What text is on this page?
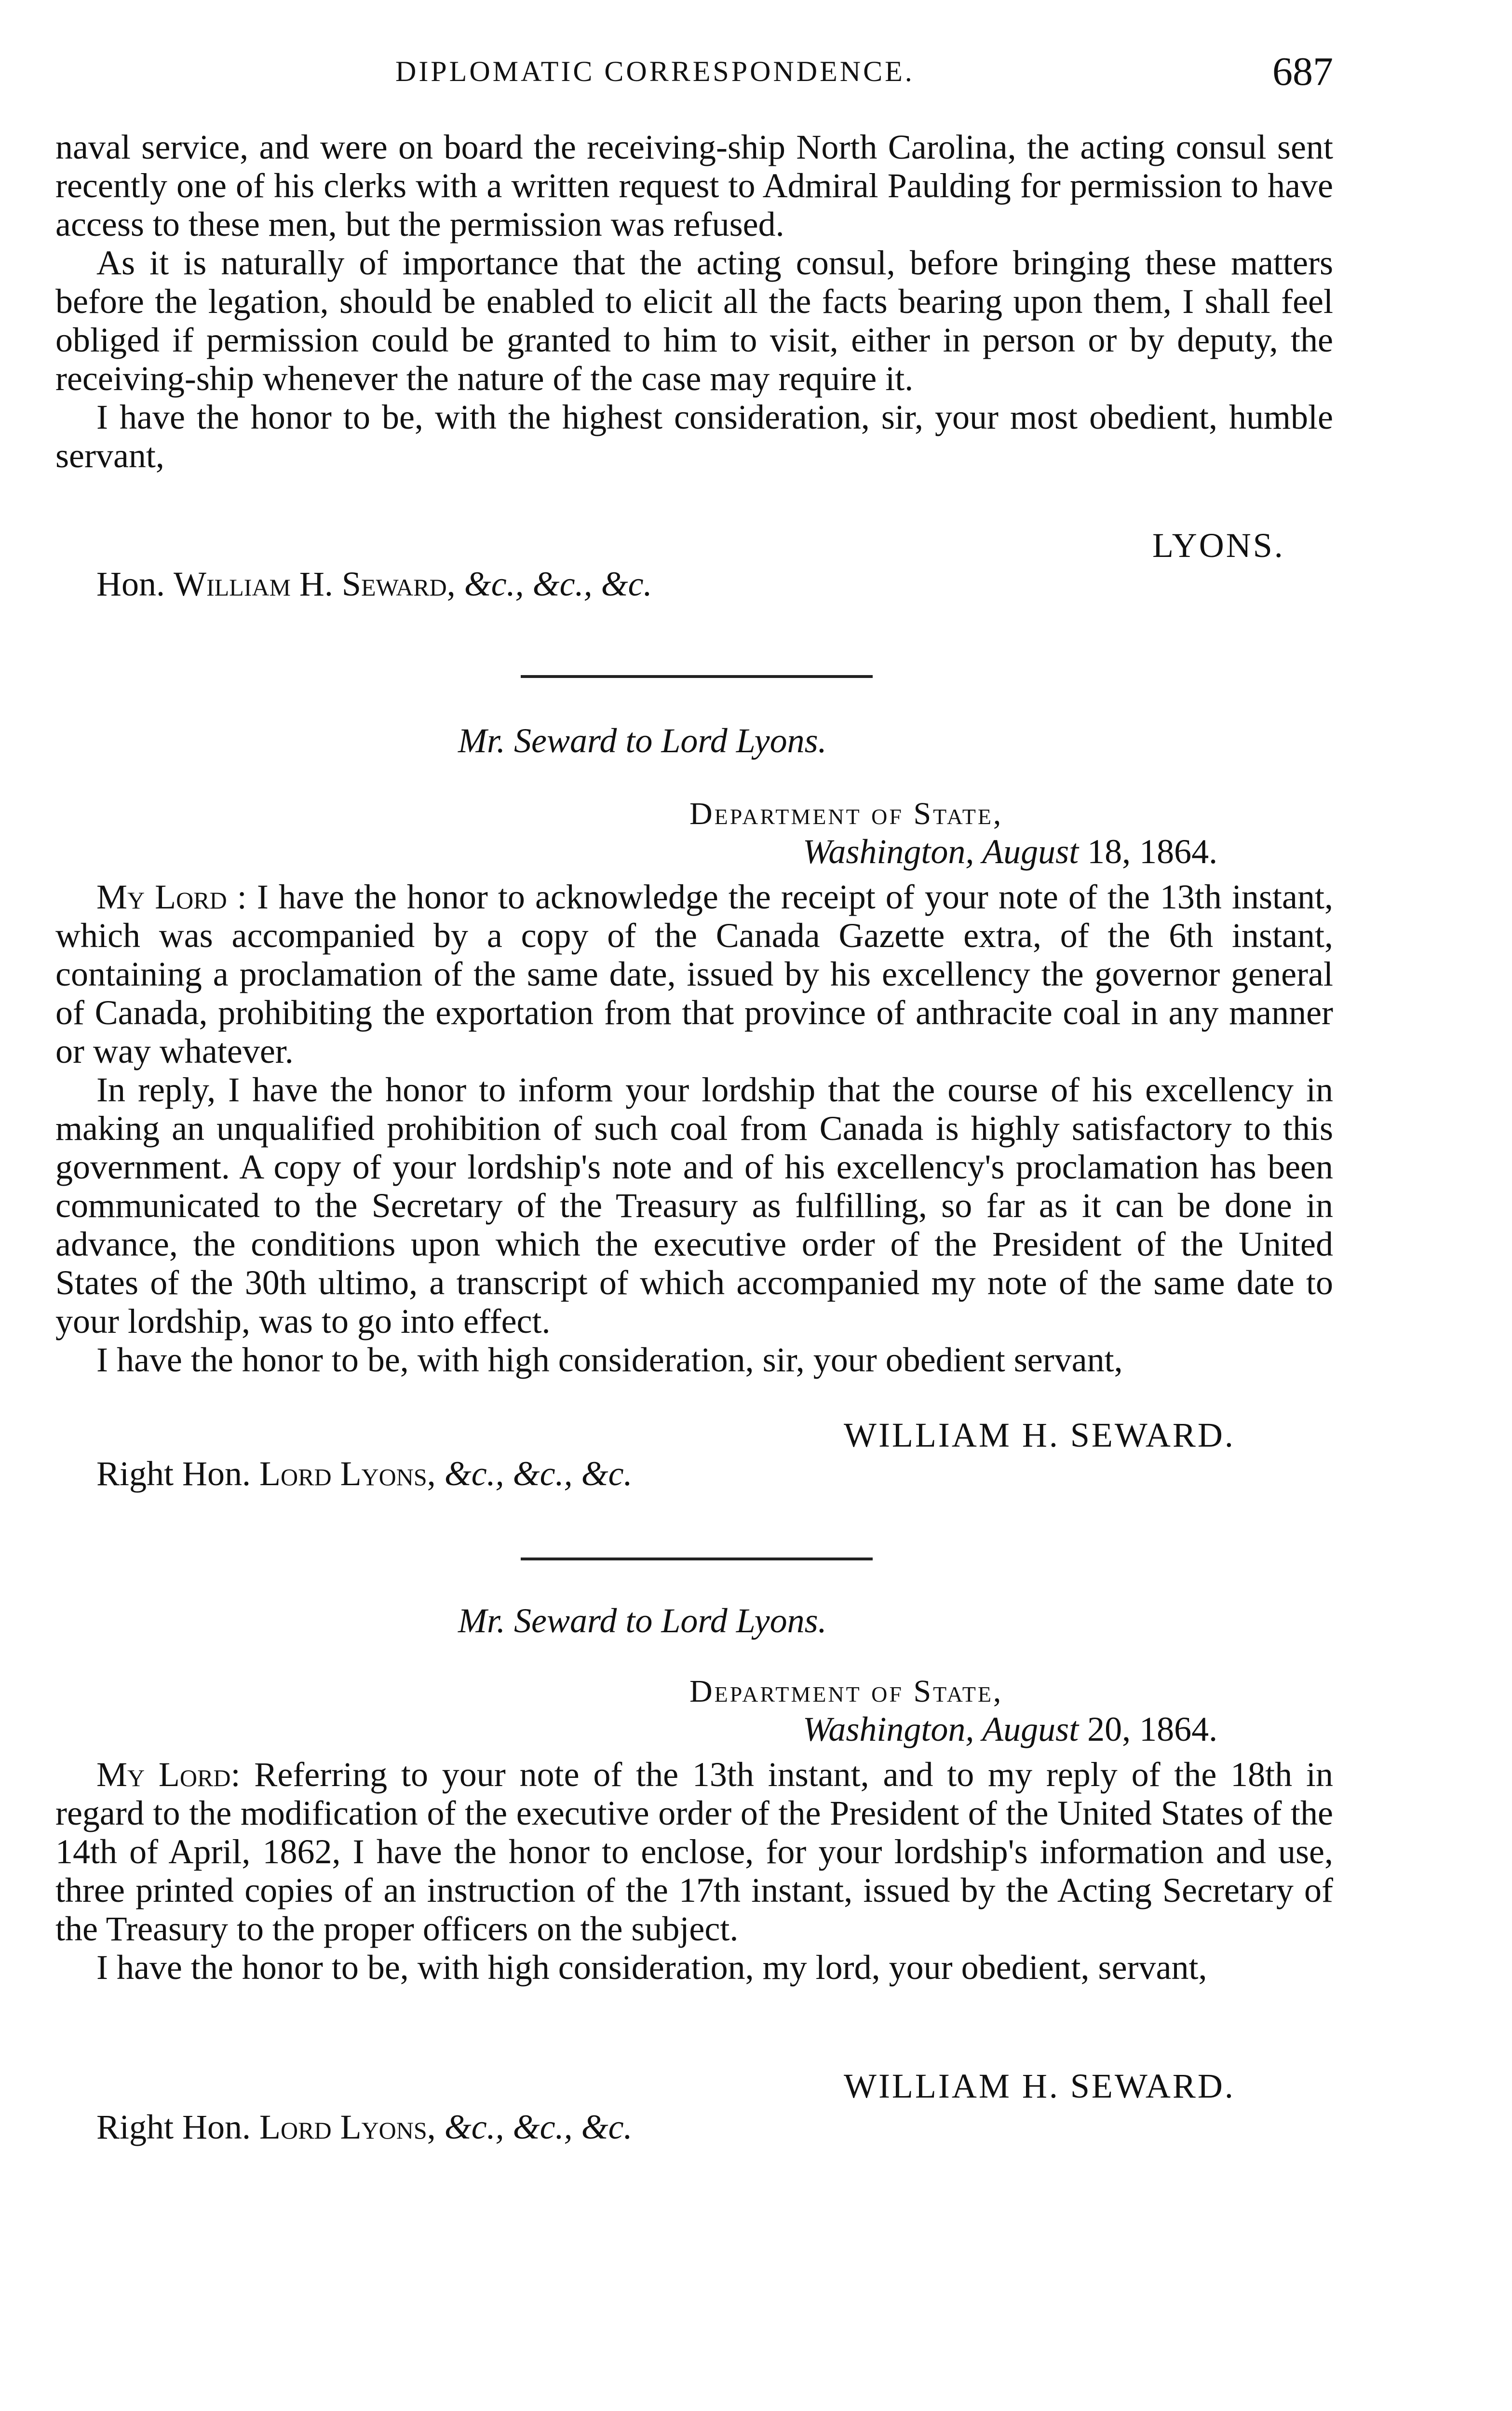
DIPLOMATIC CORRESPONDENCE.	687

naval service, and were on board the receiving-ship North Carolina, the acting consul sent recently one of his clerks with a written request to Admiral Paulding for permission to have access to these men, but the permission was refused.

As it is naturally of importance that the acting consul, before bringing these matters before the legation, should be enabled to elicit all the facts bearing upon them, I shall feel obliged if permission could be granted to him to visit, either in person or by deputy, the receiving-ship whenever the nature of the case may require it.

I have the honor to be, with the highest consideration, sir, your most obedient, humble servant,

LYONS.
Hon. William H. Seward, &c., &c., &c.
Mr. Seward to Lord Lyons.
Department of State,
Washington, August 18, 1864.

My Lord : I have the honor to acknowledge the receipt of your note of the 13th instant, which was accompanied by a copy of the Canada Gazette extra, of the 6th instant, containing a proclamation of the same date, issued by his excellency the governor general of Canada, prohibiting the exportation from that province of anthracite coal in any manner or way whatever.

In reply, I have the honor to inform your lordship that the course of his excellency in making an unqualified prohibition of such coal from Canada is highly satisfactory to this government. A copy of your lordship's note and of his excellency's proclamation has been communicated to the Secretary of the Treasury as fulfilling, so far as it can be done in advance, the conditions upon which the executive order of the President of the United States of the 30th ultimo, a transcript of which accompanied my note of the same date to your lordship, was to go into effect.

I have the honor to be, with high consideration, sir, your obedient servant,

WILLIAM H. SEWARD.
Right Hon. Lord Lyons, &c., &c., &c.
Mr. Seward to Lord Lyons.
Department of State,
Washington, August 20, 1864.

My Lord: Referring to your note of the 13th instant, and to my reply of the 18th in regard to the modification of the executive order of the President of the United States of the 14th of April, 1862, I have the honor to enclose, for your lordship's information and use, three printed copies of an instruction of the 17th instant, issued by the Acting Secretary of the Treasury to the proper officers on the subject.

I have the honor to be, with high consideration, my lord, your obedient, servant,

WILLIAM H. SEWARD.
Right Hon. Lord Lyons, &c., &c., &c.
